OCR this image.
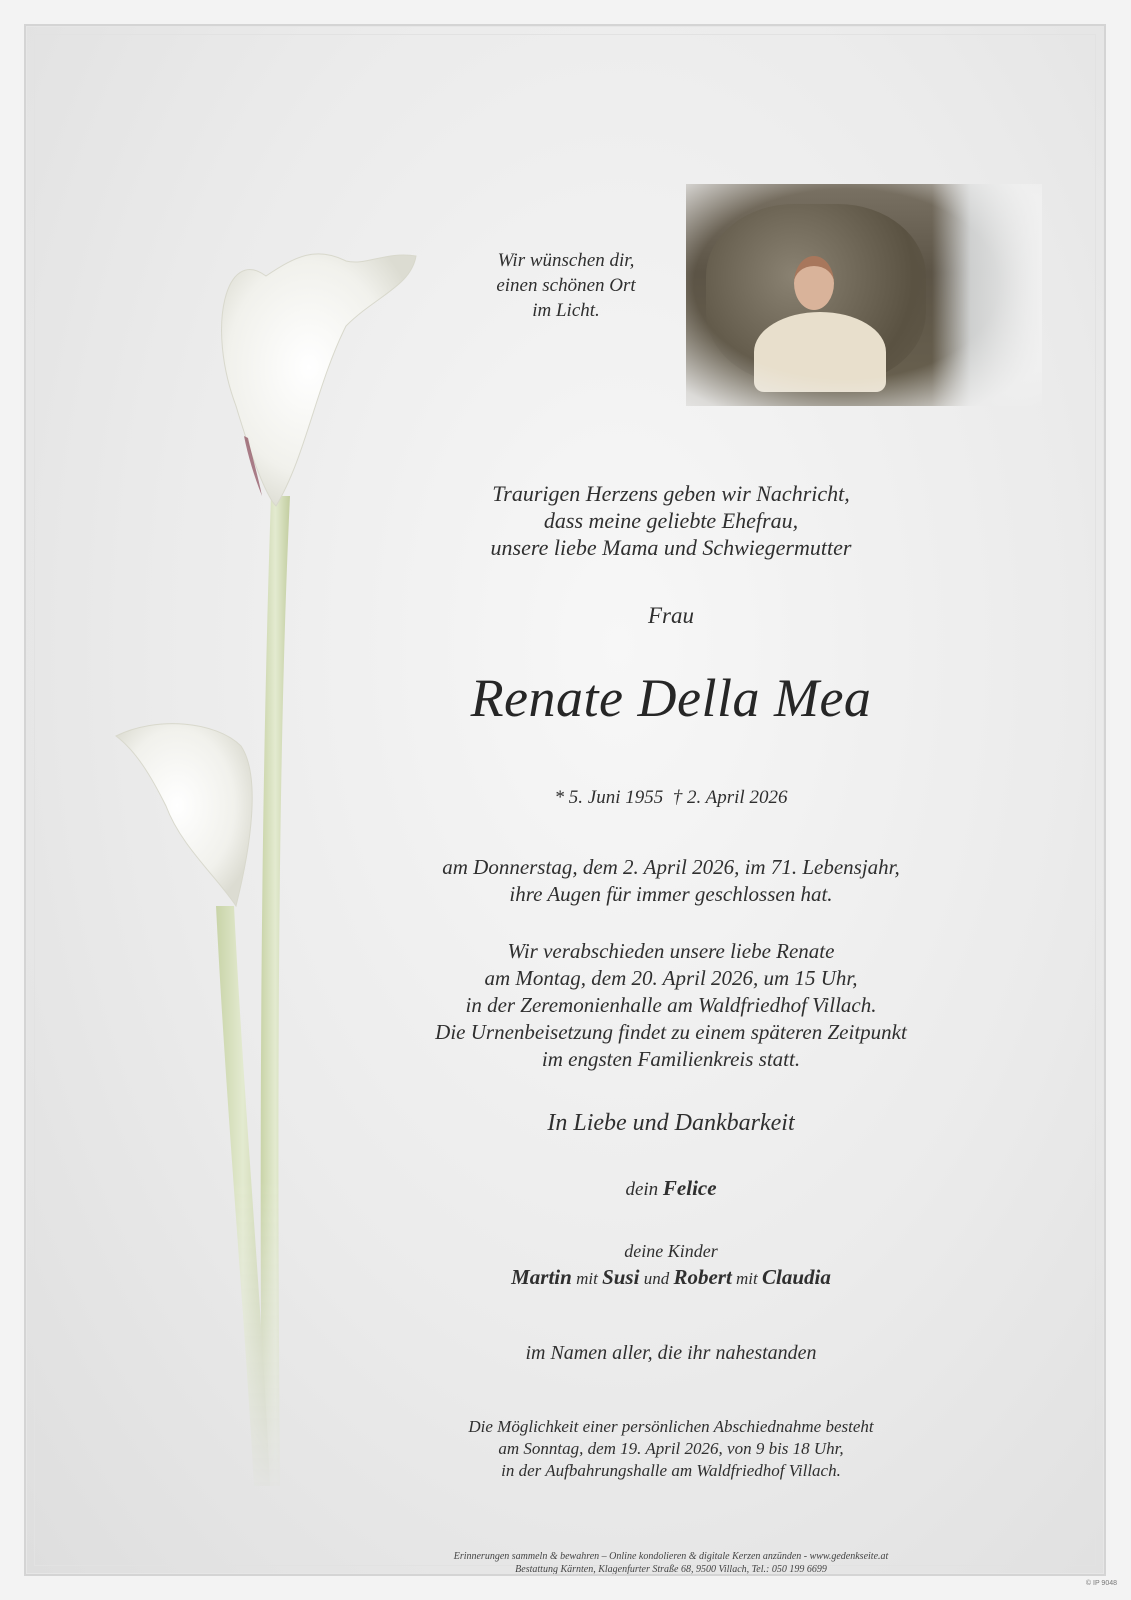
Wir wünschen dir,
einen schönen Ort
im Licht.
Traurigen Herzens geben wir Nachricht,
dass meine geliebte Ehefrau,
unsere liebe Mama und Schwiegermutter
Frau
Renate Della Mea
* 5. Juni 1955  † 2. April 2026
am Donnerstag, dem 2. April 2026, im 71. Lebensjahr,
ihre Augen für immer geschlossen hat.
Wir verabschieden unsere liebe Renate
am Montag, dem 20. April 2026, um 15 Uhr,
in der Zeremonienhalle am Waldfriedhof Villach.
Die Urnenbeisetzung findet zu einem späteren Zeitpunkt
im engsten Familienkreis statt.
In Liebe und Dankbarkeit
dein Felice
deine Kinder
Martin mit Susi und Robert mit Claudia
im Namen aller, die ihr nahestanden
Die Möglichkeit einer persönlichen Abschiednahme besteht
am Sonntag, dem 19. April 2026, von 9 bis 18 Uhr,
in der Aufbahrungshalle am Waldfriedhof Villach.
Erinnerungen sammeln & bewahren – Online kondolieren & digitale Kerzen anzünden - www.gedenkseite.at
Bestattung Kärnten, Klagenfurter Straße 68, 9500 Villach, Tel.: 050 199 6699
© IP 9048
